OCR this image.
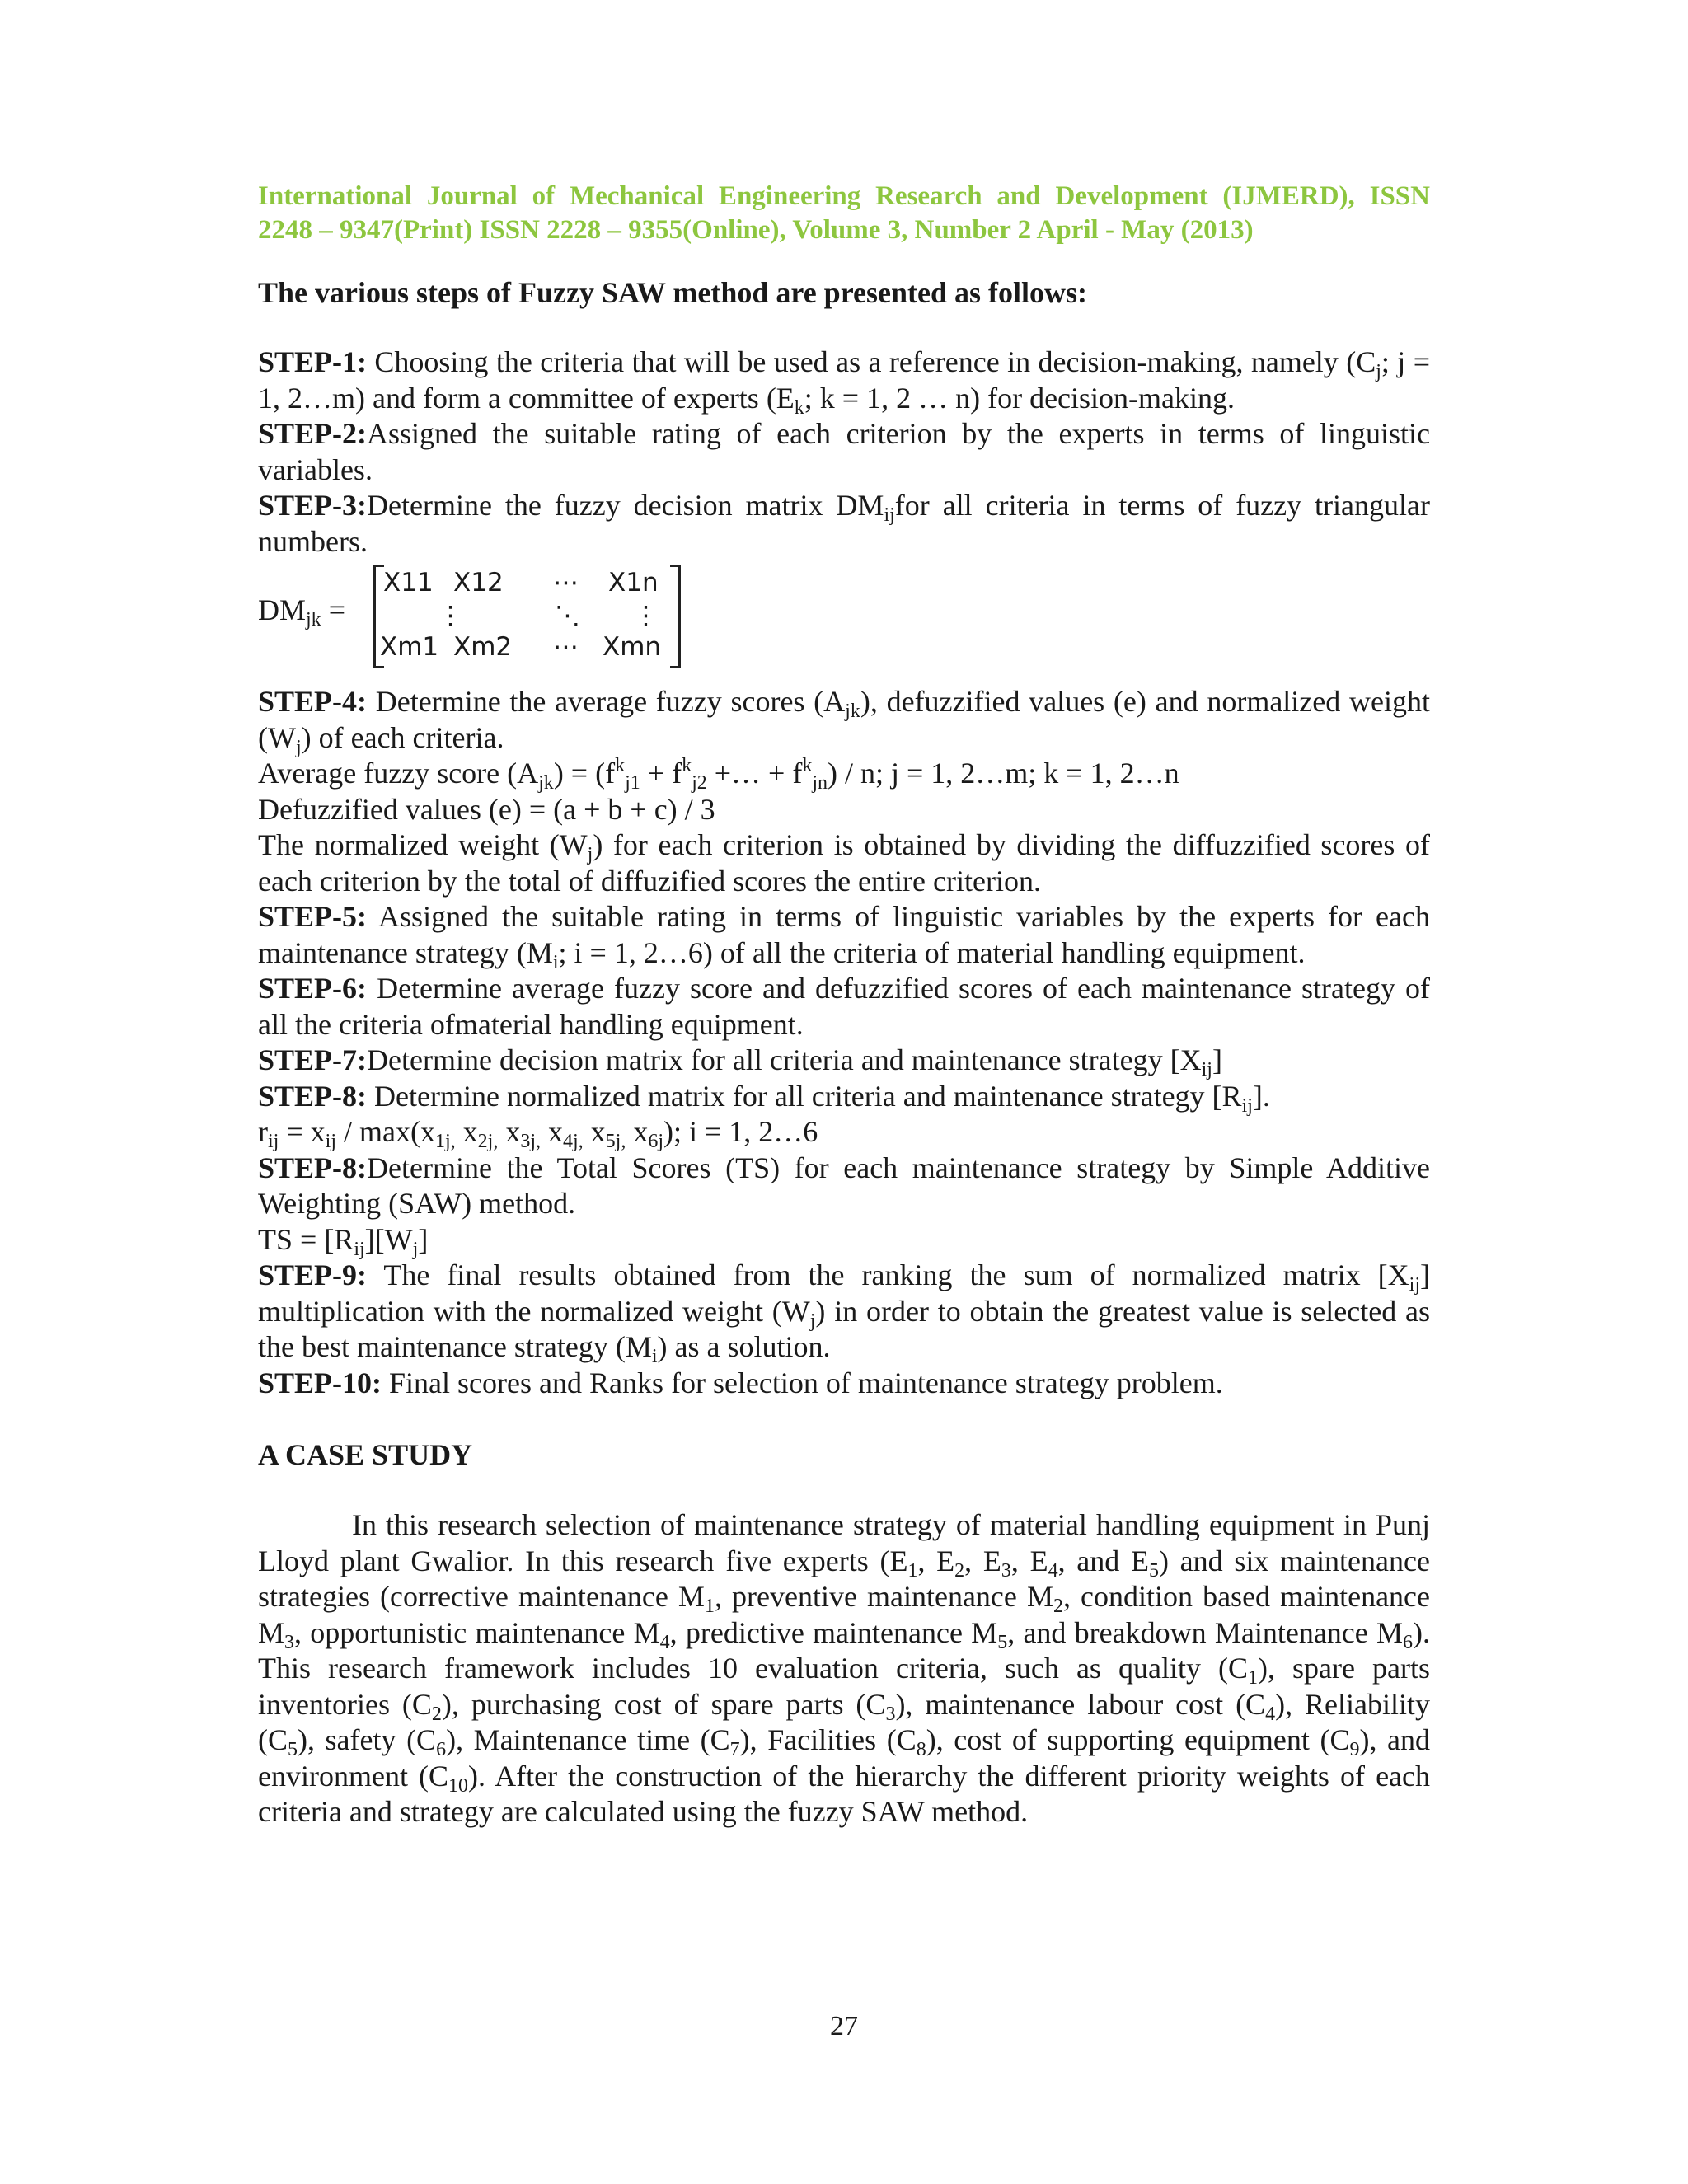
International Journal of Mechanical Engineering Research and Development (IJMERD), ISSN

2248 – 9347(Print) ISSN 2228 – 9355(Online), Volume 3, Number 2 April - May (2013)

The various steps of Fuzzy SAW method are presented as follows:

STEP-1: Choosing the criteria that will be used as a reference in decision-making, namely ($C_j$; j = 1, 2…m) and form a committee of experts ($E_k$; k = 1, 2 … n) for decision-making.

STEP-2:Assigned the suitable rating of each criterion by the experts in terms of linguistic variables.

STEP-3:Determine the fuzzy decision matrix $DM_{ij}for$ all criteria in terms of fuzzy triangular numbers.

$DM_{jk}$ =
X11 X12 ⋯ X1n
⋮	⋱ ⋮
Xm1 Xm2 ⋯ Xmn

STEP-4: Determine the average fuzzy scores $(A_{jk})$, defuzzified values (e) and normalized weight $(W_j)$ of each criteria.

Average fuzzy score $(A_{jk}) = (f^k_{j1} + f^k_{j2}$ +… + $f^k_{jn}$) / n; j = 1, 2…m; k = 1, 2…n

Defuzzified values (e) = (a + b + c) / 3

The normalized weight $(W_j)$ for each criterion is obtained by dividing the diffuzzified scores of each criterion by the total of diffuzified scores the entire criterion.

STEP-5: Assigned the suitable rating in terms of linguistic variables by the experts for each maintenance strategy ($M_i$; i = 1, 2…6) of all the criteria of material handling equipment.

STEP-6: Determine average fuzzy score and defuzzified scores of each maintenance strategy of all the criteria ofmaterial handling equipment.

STEP-7:Determine decision matrix for all criteria and maintenance strategy $[X_{ij}]$

STEP-8: Determine normalized matrix for all criteria and maintenance strategy $[R_{ij}]$.

$r_{ij} = x_{ij} / \max(x_{1j,}$ $x_{2j,}$ $x_{3j,}$ $x_{4j,}$ $x_{5j,}$ $x_{6j}$); i = 1, 2…6

STEP-8:Determine the Total Scores (TS) for each maintenance strategy by Simple Additive Weighting (SAW) method.

TS = $[R_{ij}][W_j]$

STEP-9: The final results obtained from the ranking the sum of normalized matrix $[X_{ij}]$ multiplication with the normalized weight $(W_j)$ in order to obtain the greatest value is selected as the best maintenance strategy $(M_i)$ as a solution.

STEP-10: Final scores and Ranks for selection of maintenance strategy problem.

A CASE STUDY

In this research selection of maintenance strategy of material handling equipment in Punj Lloyd plant Gwalior. In this research five experts ($E_1$, $E_2$, $E_3$, $E_4$, and $E_5$) and six maintenance strategies (corrective maintenance $M_1$, preventive maintenance $M_2$, condition based maintenance $M_3$, opportunistic maintenance $M_4$, predictive maintenance $M_5$, and breakdown Maintenance $M_6$). This research framework includes 10 evaluation criteria, such as quality $(C_1)$, spare parts inventories $(C_2)$, purchasing cost of spare parts $(C_3)$, maintenance labour cost $(C_4)$, Reliability $(C_5)$, safety $(C_6)$, Maintenance time $(C_7)$, Facilities $(C_8)$, cost of supporting equipment $(C_9)$, and environment $(C_{10})$. After the construction of the hierarchy the different priority weights of each criteria and strategy are calculated using the fuzzy SAW method.

27
